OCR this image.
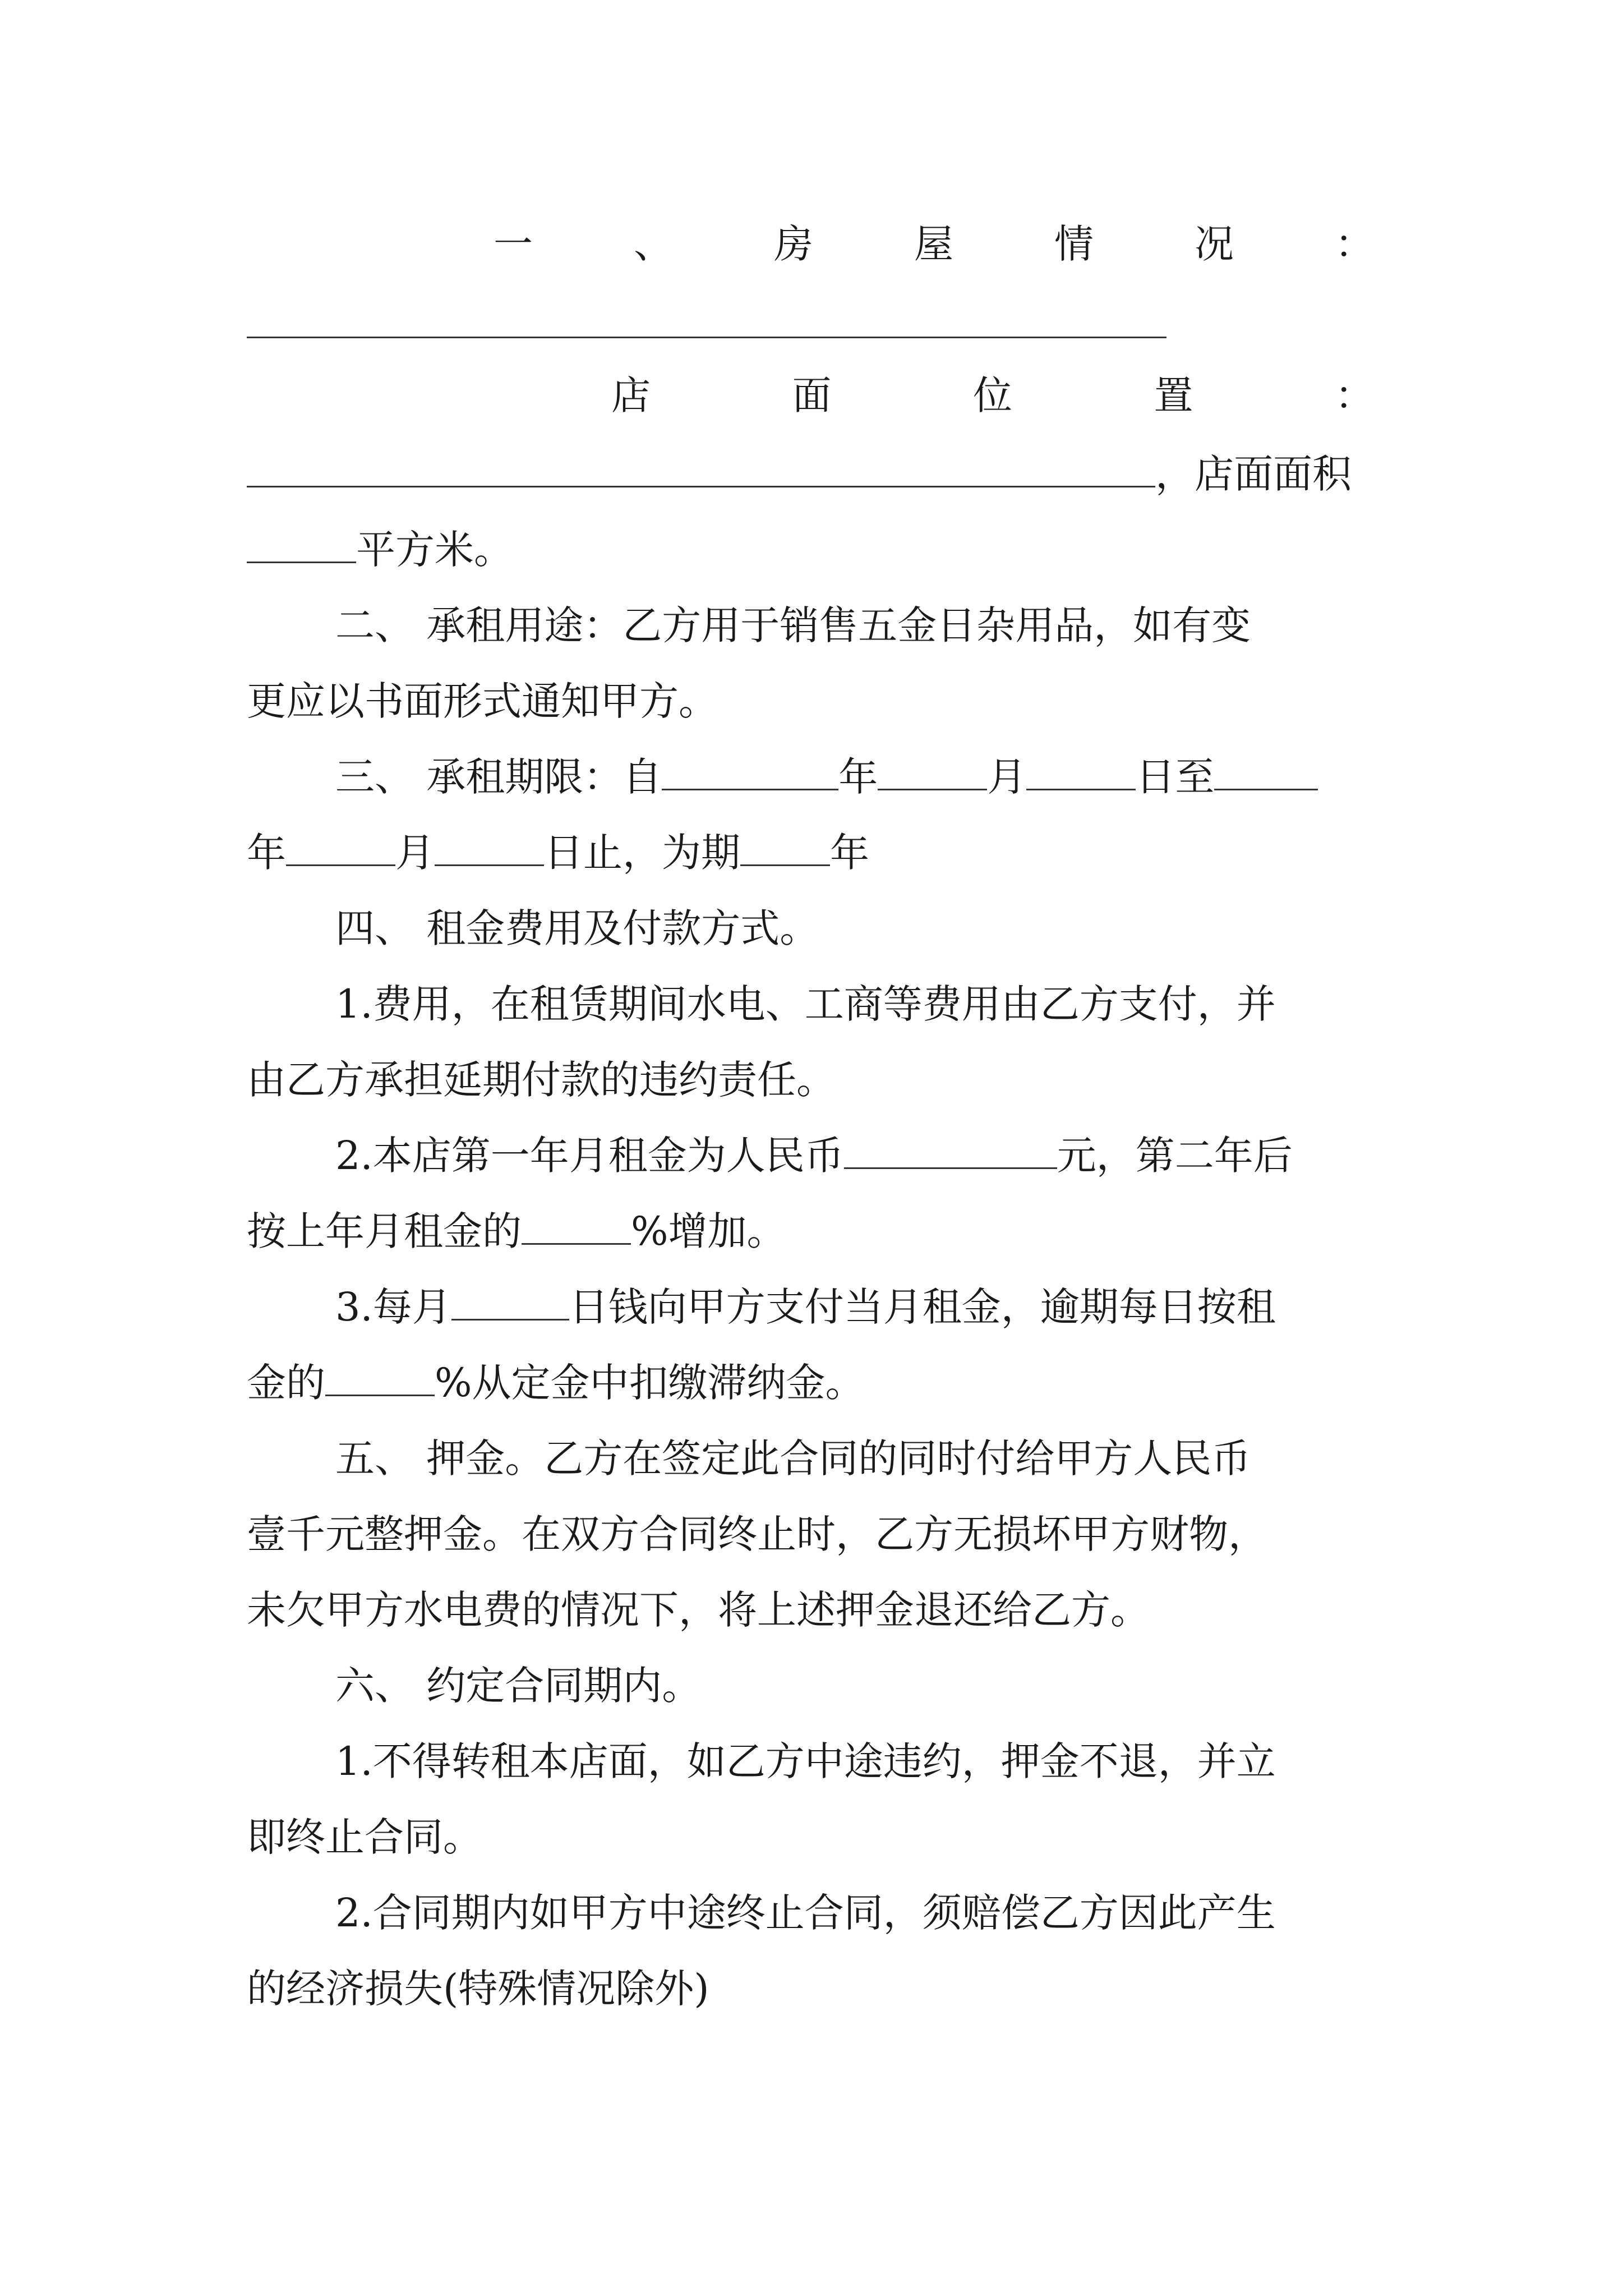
一	、	房	屋	情	况	：
店	面	位	置	：
，店面面积
平方米。
二、 承租用途：乙方用于销售五金日杂用品，如有变
更应以书面形式通知甲方。
三、 承租期限：自	年	月	日至
年	月	日止，为期 年
四、 租金费用及付款方式。
1.费用，在租赁期间水电、工商等费用由乙方支付，并
由乙方承担延期付款的违约责任。
2.本店第一年月租金为人民币	元，第二年后
按上年月租金的	%增加。
3.每月	日钱向甲方支付当月租金，逾期每日按租
金的	%从定金中扣缴滞纳金。
五、 押金。乙方在签定此合同的同时付给甲方人民币
壹千元整押金。在双方合同终止时，乙方无损坏甲方财物，
未欠甲方水电费的情况下，将上述押金退还给乙方。
六、 约定合同期内。
1.不得转租本店面，如乙方中途违约，押金不退，并立
即终止合同。
2.合同期内如甲方中途终止合同，须赔偿乙方因此产生
的经济损失(特殊情况除外)
